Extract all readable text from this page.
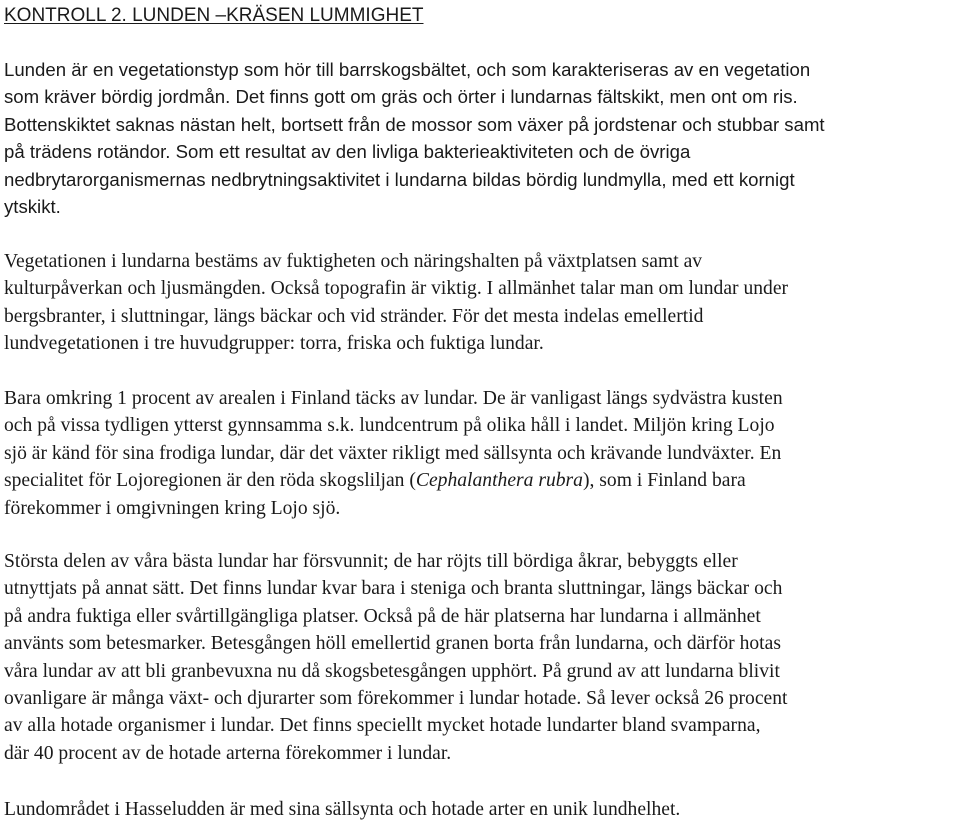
KONTROLL 2. LUNDEN –KRÄSEN LUMMIGHET
Lunden är en vegetationstyp som hör till barrskogsbältet, och som karakteriseras av en vegetation
som kräver bördig jordmån. Det finns gott om gräs och örter i lundarnas fältskikt, men ont om ris.
Bottenskiktet saknas nästan helt, bortsett från de mossor som växer på jordstenar och stubbar samt
på trädens rotändor. Som ett resultat av den livliga bakterieaktiviteten och de övriga
nedbrytarorganismernas nedbrytningsaktivitet i lundarna bildas bördig lundmylla, med ett kornigt
ytskikt.
Vegetationen i lundarna bestäms av fuktigheten och näringshalten på växtplatsen samt av
kulturpåverkan och ljusmängden. Också topografin är viktig. I allmänhet talar man om lundar under
bergsbranter, i sluttningar, längs bäckar och vid stränder. För det mesta indelas emellertid
lundvegetationen i tre huvudgrupper: torra, friska och fuktiga lundar.
Bara omkring 1 procent av arealen i Finland täcks av lundar. De är vanligast längs sydvästra kusten
och på vissa tydligen ytterst gynnsamma s.k. lundcentrum på olika håll i landet. Miljön kring Lojo
sjö är känd för sina frodiga lundar, där det växter rikligt med sällsynta och krävande lundväxter. En
specialitet för Lojoregionen är den röda skogsliljan (Cephalanthera rubra), som i Finland bara
förekommer i omgivningen kring Lojo sjö.
Största delen av våra bästa lundar har försvunnit; de har röjts till bördiga åkrar, bebyggts eller
utnyttjats på annat sätt. Det finns lundar kvar bara i steniga och branta sluttningar, längs bäckar och
på andra fuktiga eller svårtillgängliga platser. Också på de här platserna har lundarna i allmänhet
använts som betesmarker. Betesgången höll emellertid granen borta från lundarna, och därför hotas
våra lundar av att bli granbevuxna nu då skogsbetesgången upphört. På grund av att lundarna blivit
ovanligare är många växt- och djurarter som förekommer i lundar hotade. Så lever också 26 procent
av alla hotade organismer i lundar. Det finns speciellt mycket hotade lundarter bland svamparna,
där 40 procent av de hotade arterna förekommer i lundar.
Lundområdet i Hasseludden är med sina sällsynta och hotade arter en unik lundhelhet.
